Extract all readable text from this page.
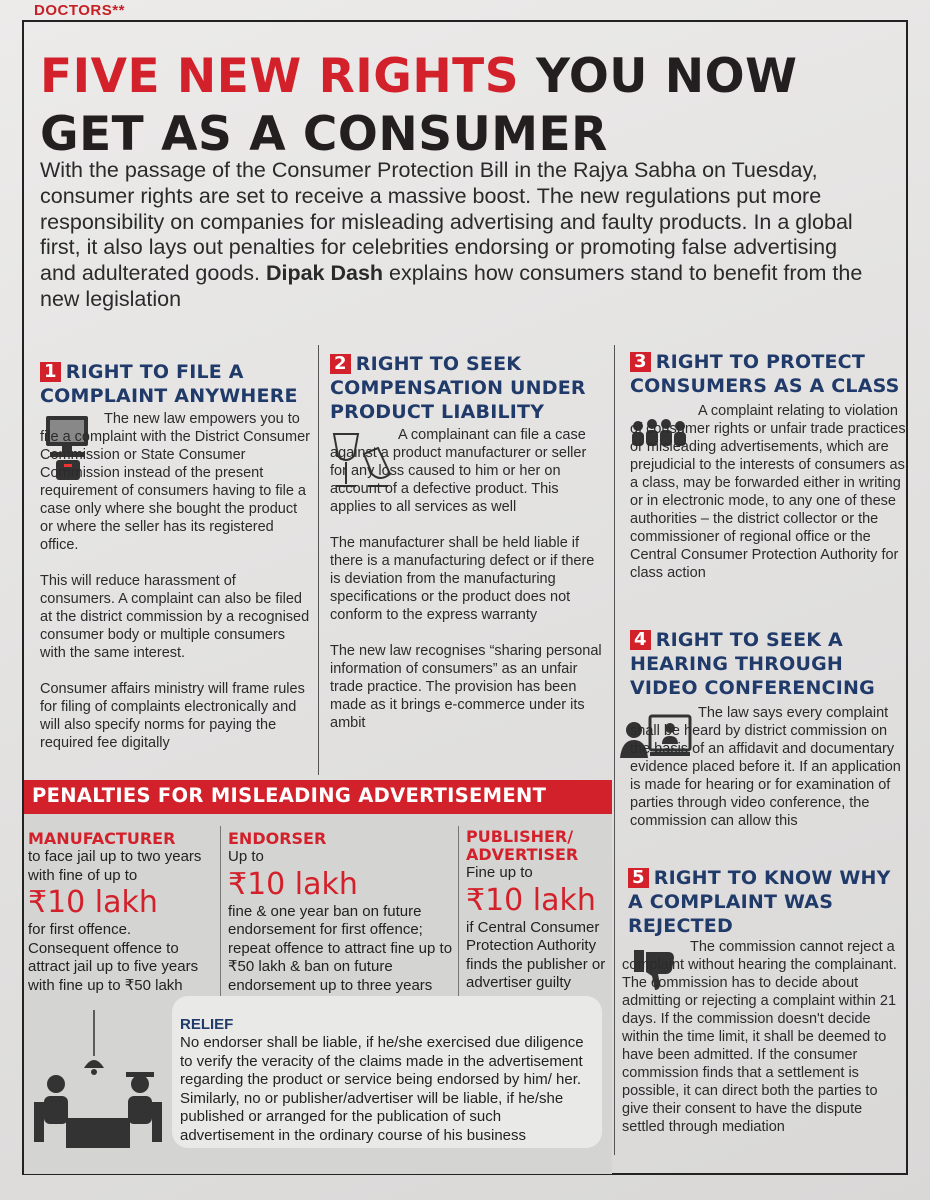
DOCTORS**
FIVE NEW RIGHTS YOU NOW
GET AS A CONSUMER
With the passage of the Consumer Protection Bill in the Rajya Sabha on Tuesday, consumer rights are set to receive a massive boost. The new regulations put more responsibility on companies for misleading advertising and faulty products. In a global first, it also lays out penalties for celebrities endorsing or promoting false advertising and adulterated goods. Dipak Dash explains how consumers stand to benefit from the new legislation
1 RIGHT TO FILE A COMPLAINT ANYWHERE

The new law empowers you to file a complaint with the District Consumer Commission or State Consumer Commission instead of the present requirement of consumers having to file a case only where she bought the product or where the seller has its registered office.

This will reduce harassment of consumers. A complaint can also be filed at the district commission by a recognised consumer body or multiple consumers with the same interest.

Consumer affairs ministry will frame rules for filing of complaints electronically and will also specify norms for paying the required fee digitally

2 RIGHT TO SEEK COMPENSATION UNDER PRODUCT LIABILITY

A complainant can file a case against a product manufacturer or seller for any loss caused to him or her on account of a defective product. This applies to all services as well

The manufacturer shall be held liable if there is a manufacturing defect or if there is deviation from the manufacturing specifications or the product does not conform to the express warranty

The new law recognises “sharing personal information of consumers” as an unfair trade practice. The provision has been made as it brings e-commerce under its ambit

3 RIGHT TO PROTECT CONSUMERS AS A CLASS

A complaint relating to violation of consumer rights or unfair trade practices or misleading advertisements, which are prejudicial to the interests of consumers as a class, may be forwarded either in writing or in electronic mode, to any one of these authorities – the district collector or the commissioner of regional office or the Central Consumer Protection Authority for class action

4 RIGHT TO SEEK A HEARING THROUGH VIDEO CONFERENCING

The law says every complaint shall be heard by district commission on the basis of an affidavit and documentary evidence placed before it. If an application is made for hearing or for examination of parties through video conference, the commission can allow this

5 RIGHT TO KNOW WHY A COMPLAINT WAS REJECTED

The commission cannot reject a complaint without hearing the complainant. The commission has to decide about admitting or rejecting a complaint within 21 days. If the commission doesn't decide within the time limit, it shall be deemed to have been admitted. If the consumer commission finds that a settlement is possible, it can direct both the parties to give their consent to have the dispute settled through mediation

PENALTIES FOR MISLEADING ADVERTISEMENT
MANUFACTURER
to face jail up to two years with fine of up to
₹10 lakh
for first offence. Consequent offence to attract jail up to five years with fine up to ₹50 lakh
ENDORSER
Up to
₹10 lakh
fine & one year ban on future endorsement for first offence; repeat offence to attract fine up to ₹50 lakh & ban on future endorsement up to three years
PUBLISHER/ ADVERTISER
Fine up to
₹10 lakh
if Central Consumer Protection Authority finds the publisher or advertiser guilty
RELIEF
No endorser shall be liable, if he/she exercised due diligence to verify the veracity of the claims made in the advertisement regarding the product or service being endorsed by him/ her. Similarly, no or publisher/advertiser will be liable, if he/she published or arranged for the publication of such advertisement in the ordinary course of his business
